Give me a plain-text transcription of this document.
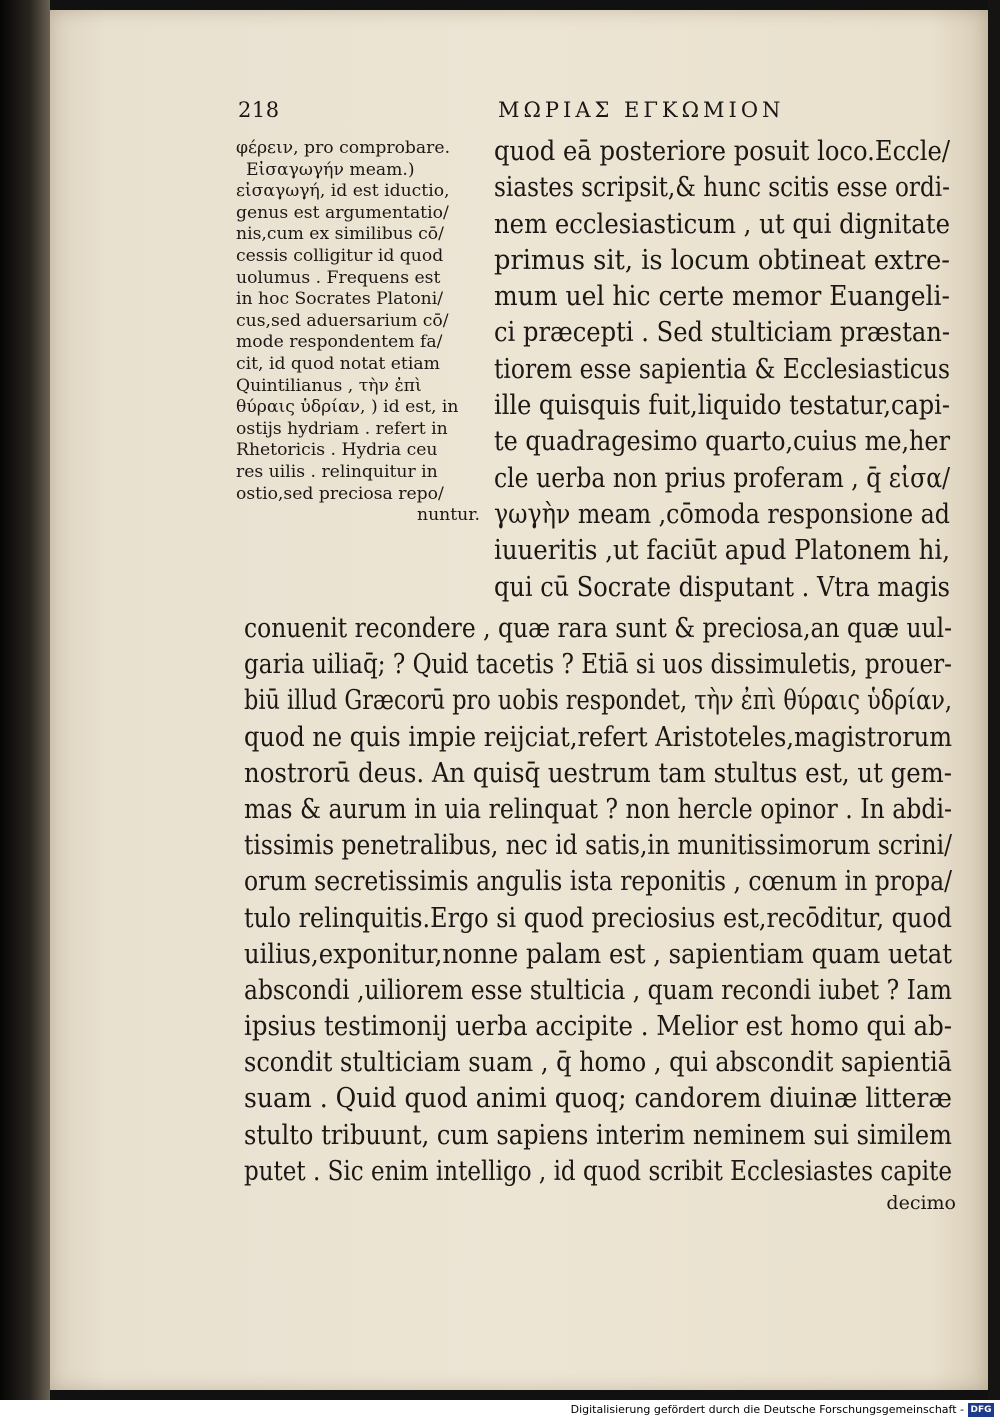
218	ΜΩΡΙΑΣ ΕΓΚΩΜΙΟΝ
φέρειν, pro comprobare.
Εἰσαγωγήν meam.)
εἰσαγωγή, id est iductio,
genus est argumentatio/
nis,cum ex similibus cō/
cessis colligitur id quod
uolumus . Frequens est
in hoc Socrates Platoni/
cus,sed aduersarium cō/
mode respondentem fa/
cit, id quod notat etiam
Quintilianus , τὴν ἐπὶ
θύραις ὑδρίαν, ) id est, in
ostijs hydriam . refert in
Rhetoricis . Hydria ceu
res uilis . relinquitur in
ostio,sed preciosa repo/
nuntur.
quod eā posteriore posuit loco.Eccle/
siastes scripsit,& hunc scitis esse ordi-
nem ecclesiasticum , ut qui dignitate
primus sit, is locum obtineat extre-
mum uel hic certe memor Euangeli-
ci præcepti . Sed stulticiam præstan-
tiorem esse sapientia & Ecclesiasticus
ille quisquis fuit,liquido testatur,capi-
te quadragesimo quarto,cuius me,her
cle uerba non prius proferam , q̄ εἰσα/
γωγὴν meam ,cōmoda responsione ad
iuueritis ,ut faciūt apud Platonem hi,
qui cū Socrate disputant . Vtra magis
conuenit recondere , quæ rara sunt & preciosa,an quæ uul-
garia uiliaq̄; ? Quid tacetis ? Etiā si uos dissimuletis, prouer-
biū illud Græcorū pro uobis respondet, τὴν ἐπὶ θύραις ὑδρίαν,
quod ne quis impie reijciat,refert Aristoteles,magistrorum
nostrorū deus. An quisq̄ uestrum tam stultus est, ut gem-
mas & aurum in uia relinquat ? non hercle opinor . In abdi-
tissimis penetralibus, nec id satis,in munitissimorum scrini/
orum secretissimis angulis ista reponitis , cœnum in propa/
tulo relinquitis.Ergo si quod preciosius est,recōditur, quod
uilius,exponitur,nonne palam est , sapientiam quam uetat
abscondi ,uiliorem esse stulticia , quam recondi iubet ? Iam
ipsius testimonij uerba accipite . Melior est homo qui ab-
scondit stulticiam suam , q̄ homo , qui abscondit sapientiā
suam . Quid quod animi quoq; candorem diuinæ litteræ
stulto tribuunt, cum sapiens interim neminem sui similem
putet . Sic enim intelligo , id quod scribit Ecclesiastes capite
decimo
Digitalisierung gefördert durch die Deutsche Forschungsgemeinschaft - DFG
